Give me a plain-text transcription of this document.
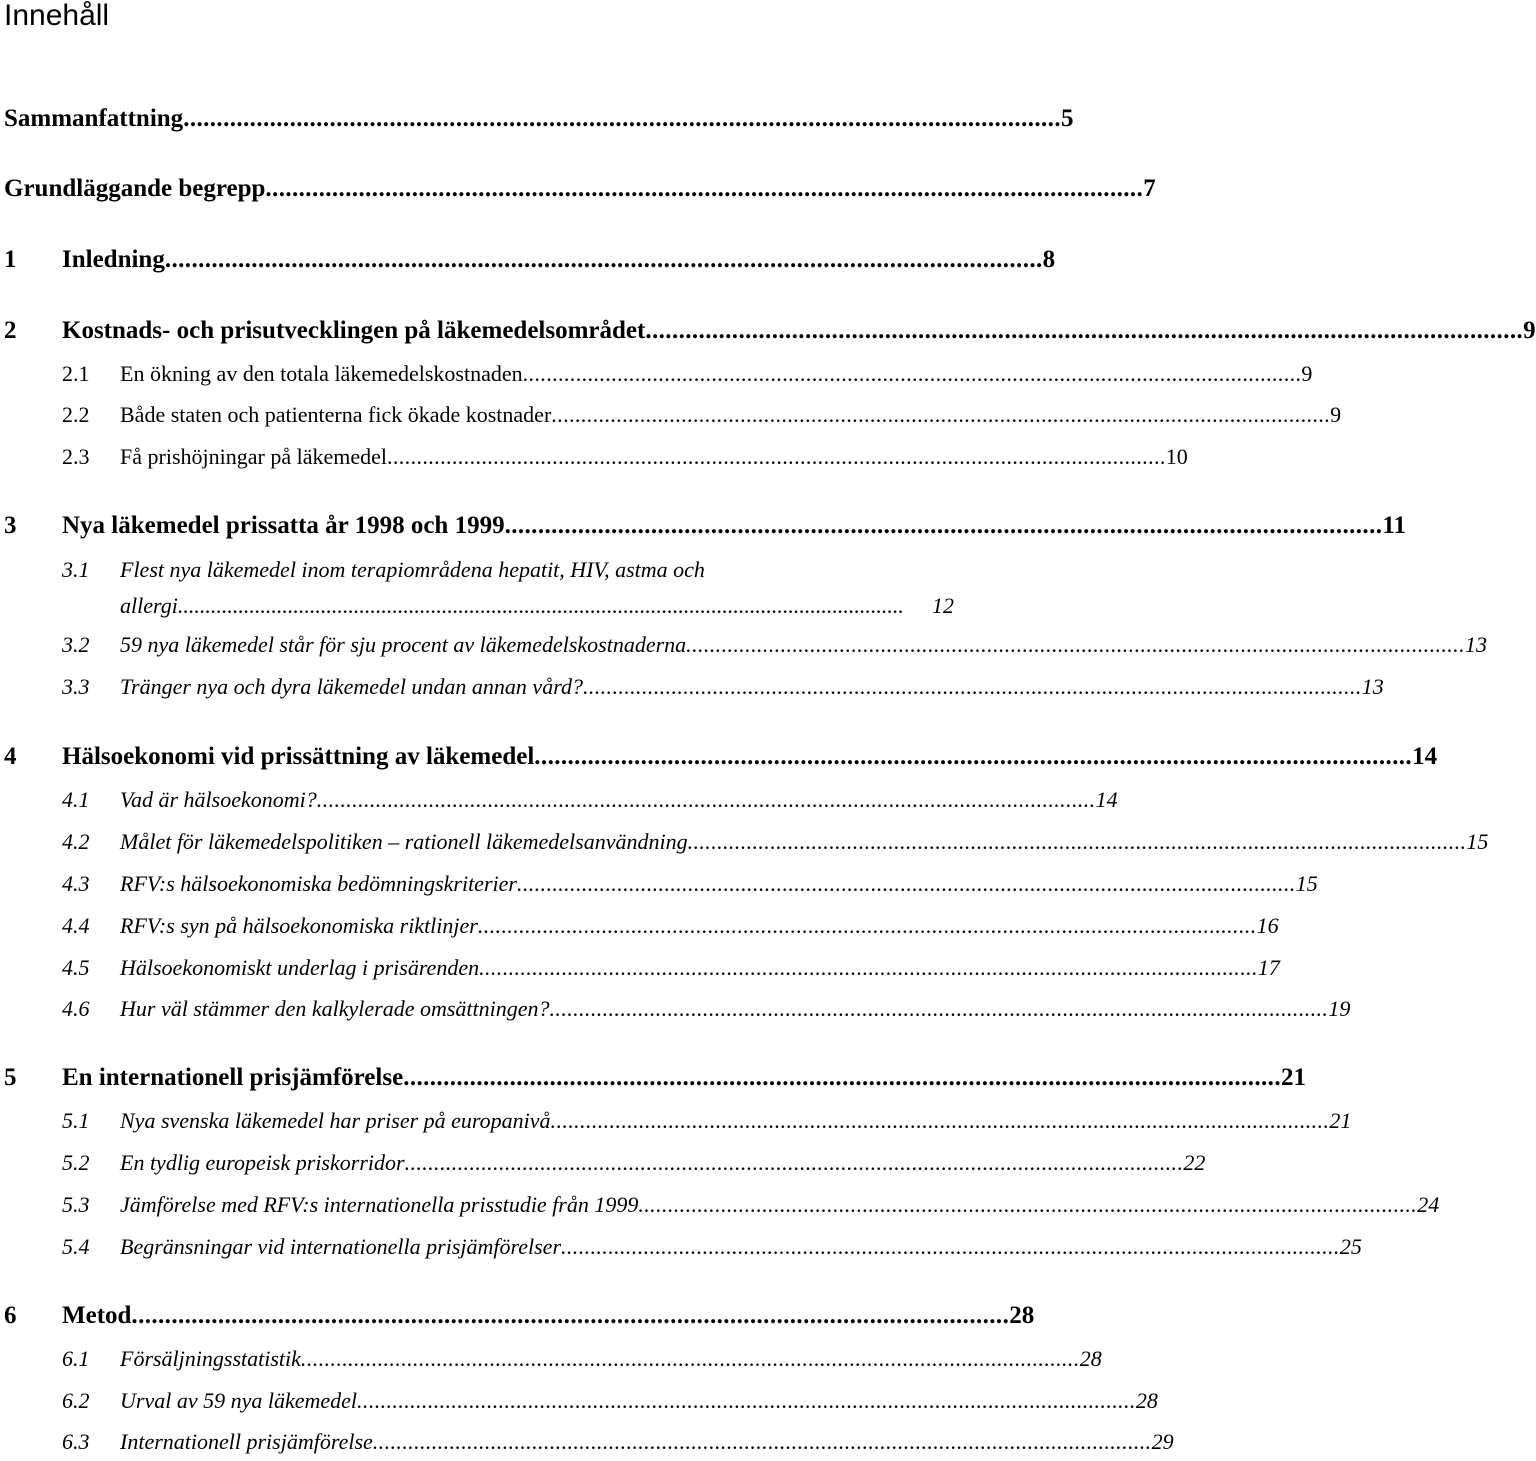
Innehåll
Sammanfattning .................................................................................................................................... 5
Grundläggande begrepp .................................................................................................................................... 7
1	Inledning .................................................................................................................................... 8
2	Kostnads- och prisutvecklingen på läkemedelsområdet .................................................................................................................................... 9
2.1	En ökning av den totala läkemedelskostnaden .................................................................................................................................... 9
2.2	Både staten och patienterna fick ökade kostnader .................................................................................................................................... 9
2.3	Få prishöjningar på läkemedel .................................................................................................................................... 10
3	Nya läkemedel prissatta år 1998 och 1999 .................................................................................................................................... 11
3.1	Flest nya läkemedel inom terapiområdena hepatit, HIV, astma och
allergi ....................................................................................................................................	12
3.2	59 nya läkemedel står för sju procent av läkemedelskostnaderna .................................................................................................................................... 13
3.3	Tränger nya och dyra läkemedel undan annan vård? .................................................................................................................................... 13
4	Hälsoekonomi vid prissättning av läkemedel .................................................................................................................................... 14
4.1	Vad är hälsoekonomi? .................................................................................................................................... 14
4.2	Målet för läkemedelspolitiken – rationell läkemedelsanvändning .................................................................................................................................... 15
4.3	RFV:s hälsoekonomiska bedömningskriterier .................................................................................................................................... 15
4.4	RFV:s syn på hälsoekonomiska riktlinjer .................................................................................................................................... 16
4.5	Hälsoekonomiskt underlag i prisärenden .................................................................................................................................... 17
4.6	Hur väl stämmer den kalkylerade omsättningen? .................................................................................................................................... 19
5	En internationell prisjämförelse .................................................................................................................................... 21
5.1	Nya svenska läkemedel har priser på europanivå .................................................................................................................................... 21
5.2	En tydlig europeisk priskorridor .................................................................................................................................... 22
5.3	Jämförelse med RFV:s internationella prisstudie från 1999 .................................................................................................................................... 24
5.4	Begränsningar vid internationella prisjämförelser .................................................................................................................................... 25
6	Metod .................................................................................................................................... 28
6.1	Försäljningsstatistik .................................................................................................................................... 28
6.2	Urval av 59 nya läkemedel .................................................................................................................................... 28
6.3	Internationell prisjämförelse .................................................................................................................................... 29
